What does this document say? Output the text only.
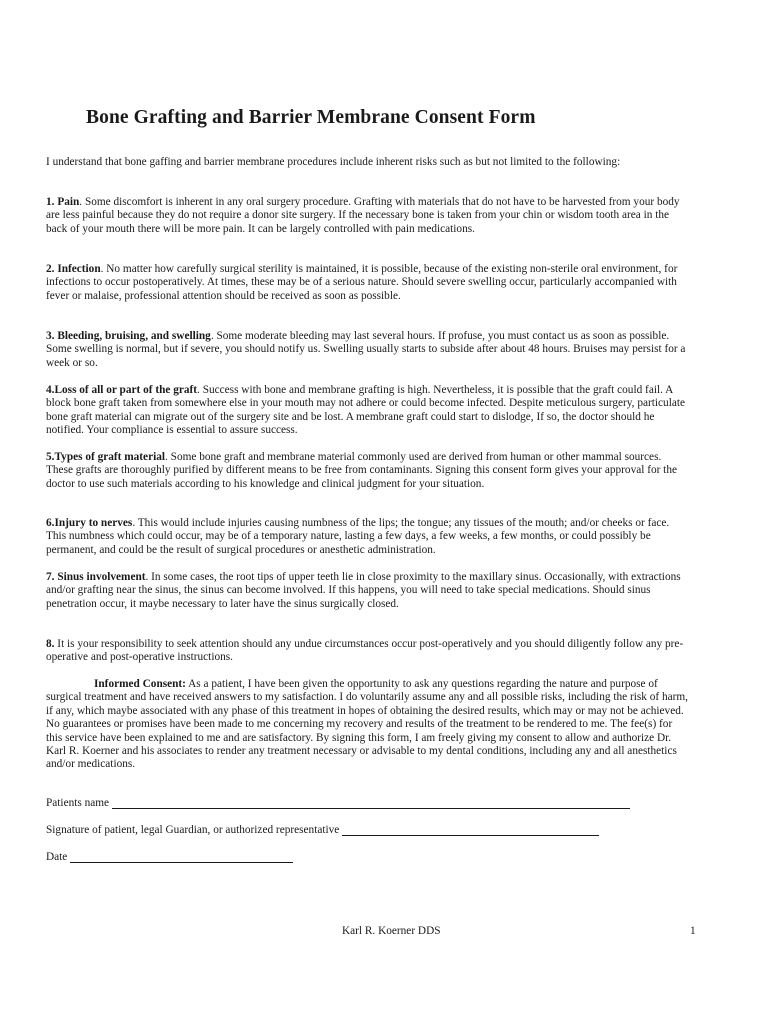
Bone Grafting and Barrier Membrane Consent Form
I understand that bone gaffing and barrier membrane procedures include inherent risks such as but not limited to the following:
1. Pain. Some discomfort is inherent in any oral surgery procedure. Grafting with materials that do not have to be harvested from your body are less painful because they do not require a donor site surgery. If the necessary bone is taken from your chin or wisdom tooth area in the back of your mouth there will be more pain. It can be largely controlled with pain medications.
2. Infection. No matter how carefully surgical sterility is maintained, it is possible, because of the existing non-sterile oral environment, for infections to occur postoperatively. At times, these may be of a serious nature. Should severe swelling occur, particularly accompanied with fever or malaise, professional attention should be received as soon as possible.
3. Bleeding, bruising, and swelling. Some moderate bleeding may last several hours. If profuse, you must contact us as soon as possible. Some swelling is normal, but if severe, you should notify us. Swelling usually starts to subside after about 48 hours. Bruises may persist for a week or so.
4.Loss of all or part of the graft. Success with bone and membrane grafting is high. Nevertheless, it is possible that the graft could fail. A block bone graft taken from somewhere else in your mouth may not adhere or could become infected. Despite meticulous surgery, particulate bone graft material can migrate out of the surgery site and be lost. A membrane graft could start to dislodge, If so, the doctor should he notified. Your compliance is essential to assure success.
5.Types of graft material. Some bone graft and membrane material commonly used are derived from human or other mammal sources. These grafts are thoroughly purified by different means to be free from contaminants. Signing this consent form gives your approval for the doctor to use such materials according to his knowledge and clinical judgment for your situation.
6.Injury to nerves. This would include injuries causing numbness of the lips; the tongue; any tissues of the mouth; and/or cheeks or face. This numbness which could occur, may be of a temporary nature, lasting a few days, a few weeks, a few months, or could possibly be permanent, and could be the result of surgical procedures or anesthetic administration.
7. Sinus involvement. In some cases, the root tips of upper teeth lie in close proximity to the maxillary sinus. Occasionally, with extractions and/or grafting near the sinus, the sinus can become involved. If this happens, you will need to take special medications. Should sinus penetration occur, it maybe necessary to later have the sinus surgically closed.
8. It is your responsibility to seek attention should any undue circumstances occur post-operatively and you should diligently follow any pre-operative and post-operative instructions.
Informed Consent: As a patient, I have been given the opportunity to ask any questions regarding the nature and purpose of surgical treatment and have received answers to my satisfaction. I do voluntarily assume any and all possible risks, including the risk of harm, if any, which maybe associated with any phase of this treatment in hopes of obtaining the desired results, which may or may not be achieved. No guarantees or promises have been made to me concerning my recovery and results of the treatment to be rendered to me. The fee(s) for this service have been explained to me and are satisfactory. By signing this form, I am freely giving my consent to allow and authorize Dr. Karl R. Koerner and his associates to render any treatment necessary or advisable to my dental conditions, including any and all anesthetics and/or medications.
Patients name
Signature of patient, legal Guardian, or authorized representative
Date
Karl R. Koerner DDS	1
